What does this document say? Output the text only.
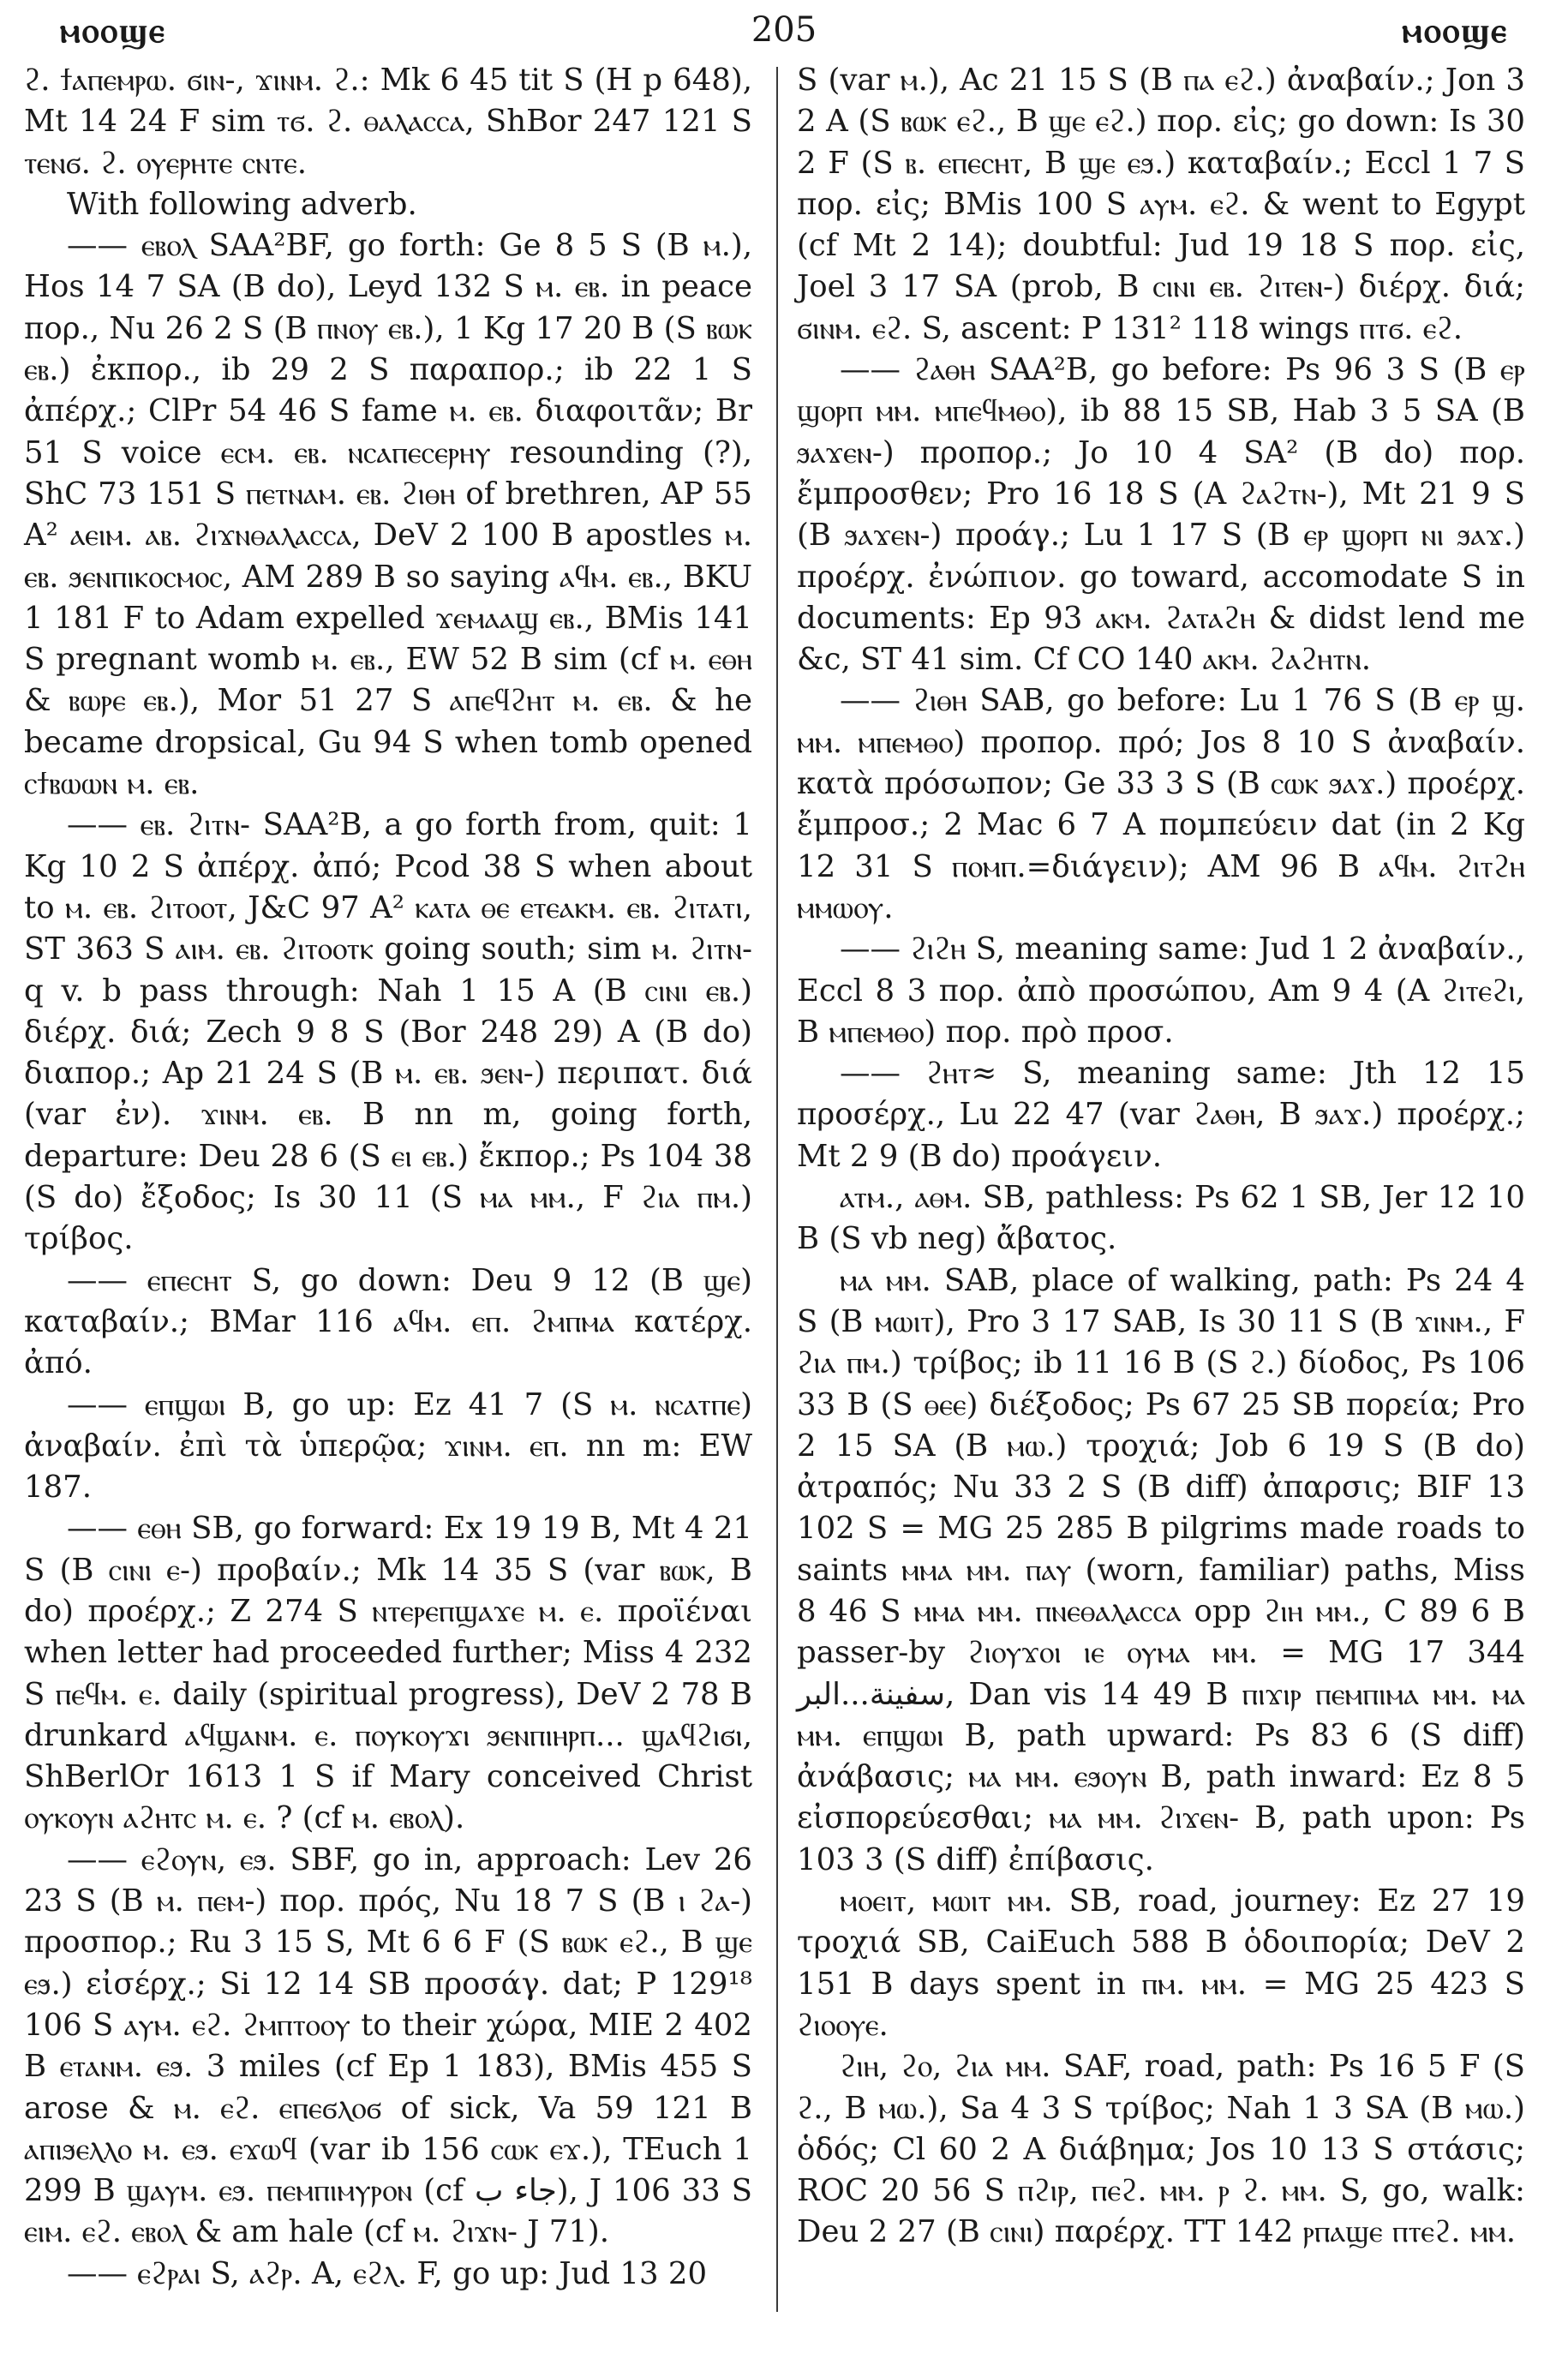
ⲙⲟⲟϣⲉ	205	ⲙⲟⲟϣⲉ

ϩ. ϯⲁⲡⲉⲙⲣⲱ. ϭⲓⲛ-, ϫⲓⲛⲙ. ϩ.: Mk 6 45 tit S (H p 648), Mt 14 24 F sim ⲧϭ. ϩ. ⲑⲁⲗⲁⲥⲥⲁ, ShBor 247 121 S ⲧⲉⲛϭ. ϩ. ⲟⲩⲉⲣⲏⲧⲉ ⲥⲛⲧⲉ.

With following adverb.

—— ⲉⲃⲟⲗ SAA²BF, go forth: Ge 8 5 S (B ⲙ.), Hos 14 7 SA (B do), Leyd 132 S ⲙ. ⲉⲃ. in peace πορ., Nu 26 2 S (B ⲡⲛⲟⲩ ⲉⲃ.), 1 Kg 17 20 B (S ⲃⲱⲕ ⲉⲃ.) ἐκπορ., ib 29 2 S παραπορ.; ib 22 1 S ἀπέρχ.; ClPr 54 46 S fame ⲙ. ⲉⲃ. διαφοιτᾶν; Br 51 S voice ⲉⲥⲙ. ⲉⲃ. ⲛⲥⲁⲡⲉⲥⲉⲣⲏⲩ resounding (?), ShC 73 151 S ⲡⲉⲧⲛⲁⲙ. ⲉⲃ. ϩⲓⲑⲏ of brethren, AP 55 A² ⲁⲉⲓⲙ. ⲁⲃ. ϩⲓϫⲛⲑⲁⲗⲁⲥⲥⲁ, DeV 2 100 B apostles ⲙ. ⲉⲃ. ϧⲉⲛⲡⲓⲕⲟⲥⲙⲟⲥ, AM 289 B so saying ⲁϥⲙ. ⲉⲃ., BKU 1 181 F to Adam expelled ϫⲉⲙⲁⲁϣ ⲉⲃ., BMis 141 S pregnant womb ⲙ. ⲉⲃ., EW 52 B sim (cf ⲙ. ⲉⲑⲏ & ⲃⲱⲣⲉ ⲉⲃ.), Mor 51 27 S ⲁⲡⲉϥϩⲏⲧ ⲙ. ⲉⲃ. & he became dropsical, Gu 94 S when tomb opened ⲥϯⲃⲱⲱⲛ ⲙ. ⲉⲃ.

—— ⲉⲃ. ϩⲓⲧⲛ- SAA²B, a go forth from, quit: 1 Kg 10 2 S ἀπέρχ. ἀπό; Pcod 38 S when about to ⲙ. ⲉⲃ. ϩⲓⲧⲟⲟⲧ, J&C 97 A² ⲕⲁⲧⲁ ⲑⲉ ⲉⲧⲉⲁⲕⲙ. ⲉⲃ. ϩⲓⲧⲁⲧⲓ, ST 363 S ⲁⲓⲙ. ⲉⲃ. ϩⲓⲧⲟⲟⲧⲕ going south; sim ⲙ. ϩⲓⲧⲛ- q v. b pass through: Nah 1 15 A (B ⲥⲓⲛⲓ ⲉⲃ.) διέρχ. διά; Zech 9 8 S (Bor 248 29) A (B do) διαπορ.; Ap 21 24 S (B ⲙ. ⲉⲃ. ϧⲉⲛ-) περιπατ. διά (var ἐν). ϫⲓⲛⲙ. ⲉⲃ. B nn m, going forth, departure: Deu 28 6 (S ⲉⲓ ⲉⲃ.) ἔκπορ.; Ps 104 38 (S do) ἔξοδος; Is 30 11 (S ⲙⲁ ⲙⲙ., F ϩⲓⲁ ⲡⲙ.) τρίβος.

—— ⲉⲡⲉⲥⲏⲧ S, go down: Deu 9 12 (B ϣⲉ) καταβαίν.; BMar 116 ⲁϥⲙ. ⲉⲡ. ϩⲙⲡⲙⲁ κατέρχ. ἀπό.

—— ⲉⲡϣⲱⲓ B, go up: Ez 41 7 (S ⲙ. ⲛⲥⲁⲧⲡⲉ) ἀναβαίν. ἐπὶ τὰ ὑπερῷα; ϫⲓⲛⲙ. ⲉⲡ. nn m: EW 187.

—— ⲉⲑⲏ SB, go forward: Ex 19 19 B, Mt 4 21 S (B ⲥⲓⲛⲓ ⲉ-) προβαίν.; Mk 14 35 S (var ⲃⲱⲕ, B do) προέρχ.; Z 274 S ⲛⲧⲉⲣⲉⲡϣⲁϫⲉ ⲙ. ⲉ. προϊέναι when letter had proceeded further; Miss 4 232 S ⲡⲉϥⲙ. ⲉ. daily (spiritual progress), DeV 2 78 B drunkard ⲁϥϣⲁⲛⲙ. ⲉ. ⲡⲟⲩⲕⲟⲩϫⲓ ϧⲉⲛⲡⲓⲏⲣⲡ... ϣⲁϥϩⲓϭⲓ, ShBerlOr 1613 1 S if Mary conceived Christ ⲟⲩⲕⲟⲩⲛ ⲁϩⲏⲧⲥ ⲙ. ⲉ. ? (cf ⲙ. ⲉⲃⲟⲗ).

—— ⲉϩⲟⲩⲛ, ⲉϧ. SBF, go in, approach: Lev 26 23 S (B ⲙ. ⲡⲉⲙ-) πορ. πρός, Nu 18 7 S (B ⲓ ϩⲁ-) προσπορ.; Ru 3 15 S, Mt 6 6 F (S ⲃⲱⲕ ⲉϩ., B ϣⲉ ⲉϧ.) εἰσέρχ.; Si 12 14 SB προσάγ. dat; P 129¹⁸ 106 S ⲁⲩⲙ. ⲉϩ. ϩⲙⲡⲧⲟⲟⲩ to their χώρα, MIE 2 402 B ⲉⲧⲁⲛⲙ. ⲉϧ. 3 miles (cf Ep 1 183), BMis 455 S arose & ⲙ. ⲉϩ. ⲉⲡⲉϭⲗⲟϭ of sick, Va 59 121 B ⲁⲡⲓϧⲉⲗⲗⲟ ⲙ. ⲉϧ. ⲉϫⲱϥ (var ib 156 ⲥⲱⲕ ⲉϫ.), TEuch 1 299 B ϣⲁⲩⲙ. ⲉϧ. ⲡⲉⲙⲡⲓⲙⲩⲣⲟⲛ (cf جاء ب), J 106 33 S ⲉⲓⲙ. ⲉϩ. ⲉⲃⲟⲗ & am hale (cf ⲙ. ϩⲓϫⲛ- J 71).

—— ⲉϩⲣⲁⲓ S, ⲁϩⲣ. A, ⲉϩⲗ. F, go up: Jud 13 20

S (var ⲙ.), Ac 21 15 S (B ⲡⲁ ⲉϩ.) ἀναβαίν.; Jon 3 2 A (S ⲃⲱⲕ ⲉϩ., B ϣⲉ ⲉϩ.) πορ. εἰς; go down: Is 30 2 F (S ⲃ. ⲉⲡⲉⲥⲏⲧ, B ϣⲉ ⲉϧ.) καταβαίν.; Eccl 1 7 S πορ. εἰς; BMis 100 S ⲁⲩⲙ. ⲉϩ. & went to Egypt (cf Mt 2 14); doubtful: Jud 19 18 S πορ. εἰς, Joel 3 17 SA (prob, B ⲥⲓⲛⲓ ⲉⲃ. ϩⲓⲧⲉⲛ-) διέρχ. διά; ϭⲓⲛⲙ. ⲉϩ. S, ascent: P 131² 118 wings ⲡⲧϭ. ⲉϩ.

—— ϩⲁⲑⲏ SAA²B, go before: Ps 96 3 S (B ⲉⲣ ϣⲟⲣⲡ ⲙⲙ. ⲙⲡⲉϥⲙⲑⲟ), ib 88 15 SB, Hab 3 5 SA (B ϧⲁϫⲉⲛ-) προπορ.; Jo 10 4 SA² (B do) πορ. ἔμπροσθεν; Pro 16 18 S (A ϩⲁϩⲧⲛ-), Mt 21 9 S (B ϧⲁϫⲉⲛ-) προάγ.; Lu 1 17 S (B ⲉⲣ ϣⲟⲣⲡ ⲛⲓ ϧⲁϫ.) προέρχ. ἐνώπιον. go toward, accomodate S in documents: Ep 93 ⲁⲕⲙ. ϩⲁⲧⲁϩⲏ & didst lend me &c, ST 41 sim. Cf CO 140 ⲁⲕⲙ. ϩⲁϩⲏⲧⲛ.

—— ϩⲓⲑⲏ SAB, go before: Lu 1 76 S (B ⲉⲣ ϣ. ⲙⲙ. ⲙⲡⲉⲙⲑⲟ) προπορ. πρό; Jos 8 10 S ἀναβαίν. κατὰ πρόσωπον; Ge 33 3 S (B ⲥⲱⲕ ϧⲁϫ.) προέρχ. ἔμπροσ.; 2 Mac 6 7 A πομπεύειν dat (in 2 Kg 12 31 S ⲡⲟⲙⲡ.=διάγειν); AM 96 B ⲁϥⲙ. ϩⲓⲧϩⲏ ⲙⲙⲱⲟⲩ.

—— ϩⲓϩⲏ S, meaning same: Jud 1 2 ἀναβαίν., Eccl 8 3 πορ. ἀπὸ προσώπου, Am 9 4 (A ϩⲓⲧⲉϩⲓ, B ⲙⲡⲉⲙⲑⲟ) πορ. πρὸ προσ.

—— ϩⲏⲧ≈ S, meaning same: Jth 12 15 προσέρχ., Lu 22 47 (var ϩⲁⲑⲏ, B ϧⲁϫ.) προέρχ.; Mt 2 9 (B do) προάγειν.

ⲁⲧⲙ., ⲁⲑⲙ. SB, pathless: Ps 62 1 SB, Jer 12 10 B (S vb neg) ἄβατος.

ⲙⲁ ⲙⲙ. SAB, place of walking, path: Ps 24 4 S (B ⲙⲱⲓⲧ), Pro 3 17 SAB, Is 30 11 S (B ϫⲓⲛⲙ., F ϩⲓⲁ ⲡⲙ.) τρίβος; ib 11 16 B (S ϩ.) δίοδος, Ps 106 33 B (S ⲑⲉⲉ) διέξοδος; Ps 67 25 SB πορεία; Pro 2 15 SA (B ⲙⲱ.) τροχιά; Job 6 19 S (B do) ἀτραπός; Nu 33 2 S (B diff) ἀπαρσις; BIF 13 102 S = MG 25 285 B pilgrims made roads to saints ⲙⲙⲁ ⲙⲙ. ⲡⲁⲩ (worn, familiar) paths, Miss 8 46 S ⲙⲙⲁ ⲙⲙ. ⲡⲛⲉⲑⲁⲗⲁⲥⲥⲁ opp ϩⲓⲏ ⲙⲙ., C 89 6 B passer-by ϩⲓⲟⲩϫⲟⲓ ⲓⲉ ⲟⲩⲙⲁ ⲙⲙ. = MG 17 344 سفينة...البر, Dan vis 14 49 B ⲡⲓϫⲓⲣ ⲡⲉⲙⲡⲓⲙⲁ ⲙⲙ. ⲙⲁ ⲙⲙ. ⲉⲡϣⲱⲓ B, path upward: Ps 83 6 (S diff) ἀνάβασις; ⲙⲁ ⲙⲙ. ⲉϧⲟⲩⲛ B, path inward: Ez 8 5 εἰσπορεύεσθαι; ⲙⲁ ⲙⲙ. ϩⲓϫⲉⲛ- B, path upon: Ps 103 3 (S diff) ἐπίβασις.

ⲙⲟⲉⲓⲧ, ⲙⲱⲓⲧ ⲙⲙ. SB, road, journey: Ez 27 19 τροχιά SB, CaiEuch 588 B ὁδοιπορία; DeV 2 151 B days spent in ⲡⲙ. ⲙⲙ. = MG 25 423 S ϩⲓⲟⲟⲩⲉ.

ϩⲓⲏ, ϩⲟ, ϩⲓⲁ ⲙⲙ. SAF, road, path: Ps 16 5 F (S ϩ., B ⲙⲱ.), Sa 4 3 S τρίβος; Nah 1 3 SA (B ⲙⲱ.) ὁδός; Cl 60 2 A διάβημα; Jos 10 13 S στάσις; ROC 20 56 S ⲡϩⲓⲣ, ⲡⲉϩ. ⲙⲙ. ⲣ ϩ. ⲙⲙ. S, go, walk: Deu 2 27 (B ⲥⲓⲛⲓ) παρέρχ. TT 142 ⲣⲡⲁϣⲉ ⲡⲧⲉϩ. ⲙⲙ.
